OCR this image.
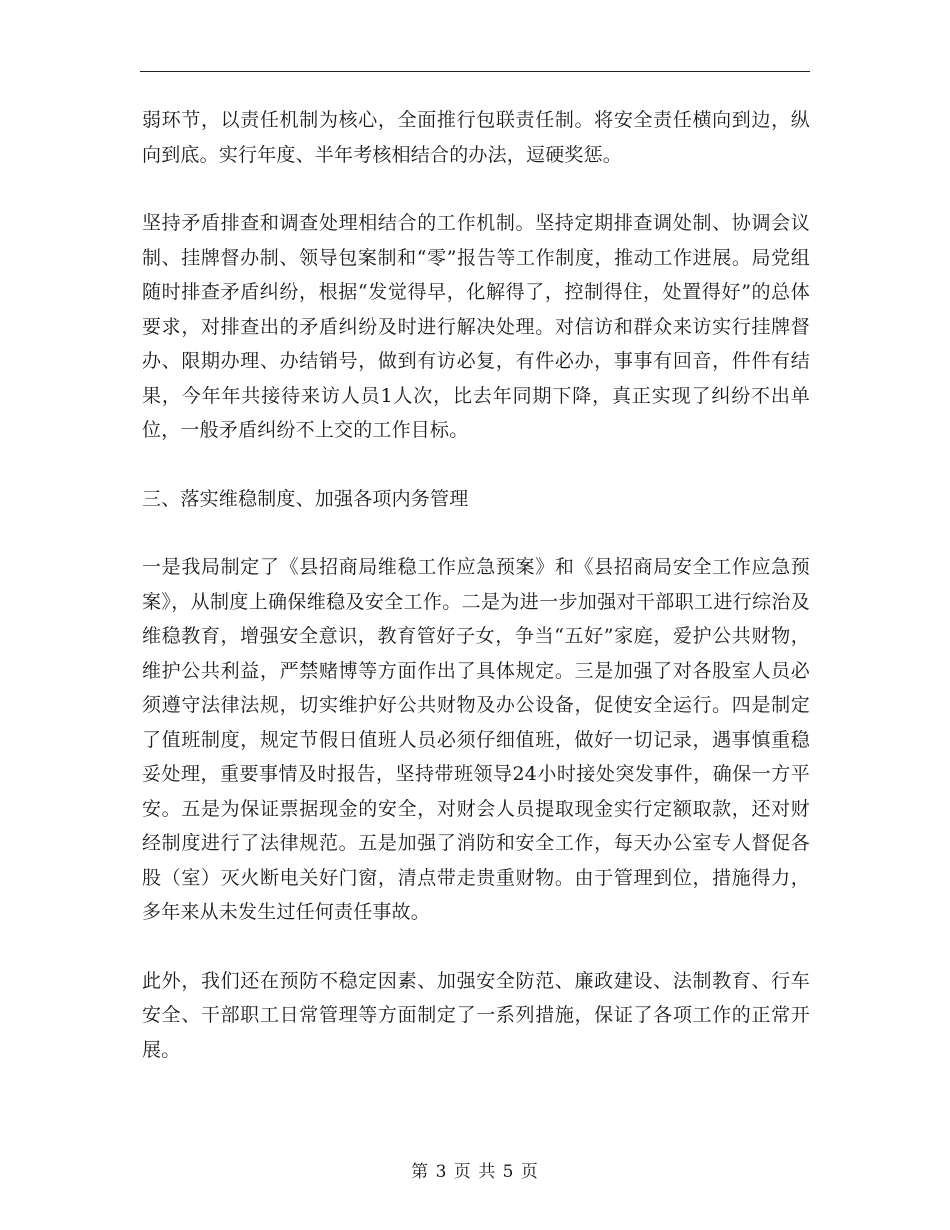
弱环节，以责任机制为核心，全面推行包联责任制。将安全责任横向到边，纵向到底。实行年度、半年考核相结合的办法，逗硬奖惩。

坚持矛盾排查和调查处理相结合的工作机制。坚持定期排查调处制、协调会议制、挂牌督办制、领导包案制和“零”报告等工作制度，推动工作进展。局党组随时排查矛盾纠纷，根据“发觉得早，化解得了，控制得住，处置得好”的总体要求，对排查出的矛盾纠纷及时进行解决处理。对信访和群众来访实行挂牌督办、限期办理、办结销号，做到有访必复，有件必办，事事有回音，件件有结果，今年年共接待来访人员1人次，比去年同期下降，真正实现了纠纷不出单位，一般矛盾纠纷不上交的工作目标。

三、落实维稳制度、加强各项内务管理

一是我局制定了《县招商局维稳工作应急预案》和《县招商局安全工作应急预案》，从制度上确保维稳及安全工作。二是为进一步加强对干部职工进行综治及维稳教育，增强安全意识，教育管好子女，争当“五好”家庭，爱护公共财物，维护公共利益，严禁赌博等方面作出了具体规定。三是加强了对各股室人员必须遵守法律法规，切实维护好公共财物及办公设备，促使安全运行。四是制定了值班制度，规定节假日值班人员必须仔细值班，做好一切记录，遇事慎重稳妥处理，重要事情及时报告，坚持带班领导24小时接处突发事件，确保一方平安。五是为保证票据现金的安全，对财会人员提取现金实行定额取款，还对财经制度进行了法律规范。五是加强了消防和安全工作，每天办公室专人督促各股（室）灭火断电关好门窗，清点带走贵重财物。由于管理到位，措施得力，多年来从未发生过任何责任事故。

此外，我们还在预防不稳定因素、加强安全防范、廉政建设、法制教育、行车安全、干部职工日常管理等方面制定了一系列措施，保证了各项工作的正常开展。

第 3 页 共 5 页
